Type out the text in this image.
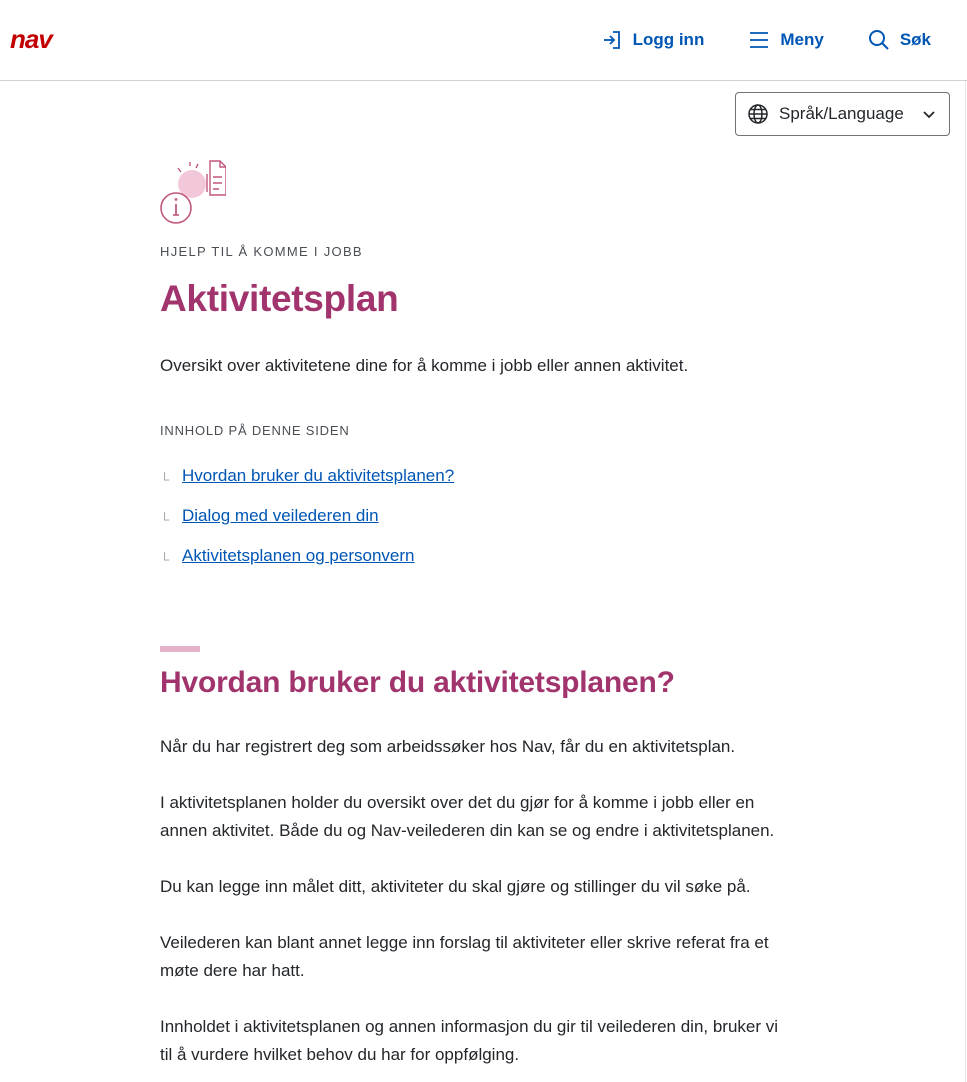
nav	Logg inn	Meny	Søk
Språk/Language
HJELP TIL Å KOMME I JOBB
Aktivitetsplan

Oversikt over aktivitetene dine for å komme i jobb eller annen aktivitet.

INNHOLD PÅ DENNE SIDEN
└ Hvordan bruker du aktivitetsplanen?
└ Dialog med veilederen din
└ Aktivitetsplanen og personvern
Hvordan bruker du aktivitetsplanen?

Når du har registrert deg som arbeidssøker hos Nav, får du en aktivitetsplan.

I aktivitetsplanen holder du oversikt over det du gjør for å komme i jobb eller en
annen aktivitet. Både du og Nav-veilederen din kan se og endre i aktivitetsplanen.

Du kan legge inn målet ditt, aktiviteter du skal gjøre og stillinger du vil søke på.

Veilederen kan blant annet legge inn forslag til aktiviteter eller skrive referat fra et
møte dere har hatt.

Innholdet i aktivitetsplanen og annen informasjon du gir til veilederen din, bruker vi
til å vurdere hvilket behov du har for oppfølging.
